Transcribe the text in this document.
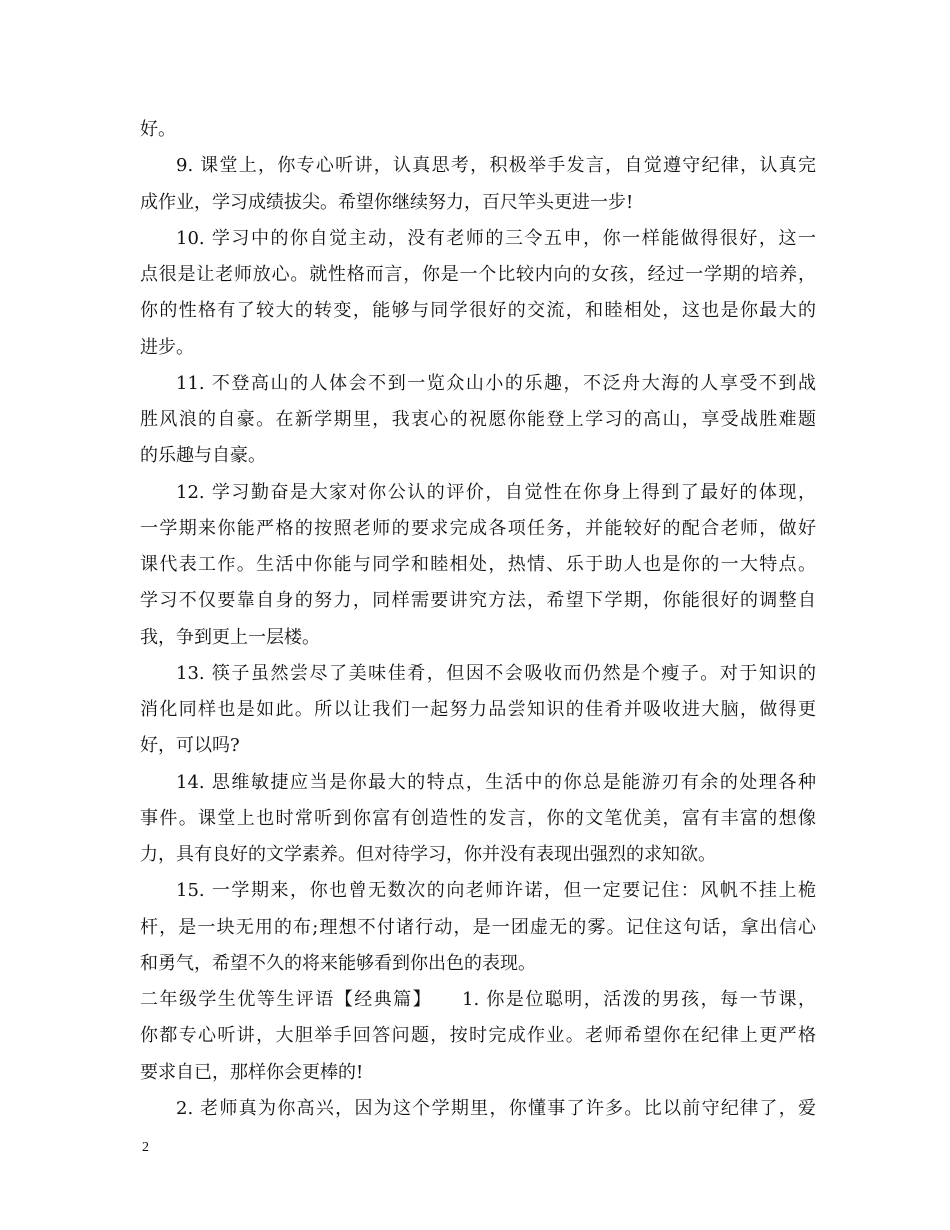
好。
9. 课堂上，你专心听讲，认真思考，积极举手发言，自觉遵守纪律，认真完
成作业，学习成绩拔尖。希望你继续努力，百尺竿头更进一步!
10. 学习中的你自觉主动，没有老师的三令五申，你一样能做得很好，这一
点很是让老师放心。就性格而言，你是一个比较内向的女孩，经过一学期的培养，
你的性格有了较大的转变，能够与同学很好的交流，和睦相处，这也是你最大的
进步。
11. 不登高山的人体会不到一览众山小的乐趣，不泛舟大海的人享受不到战
胜风浪的自豪。在新学期里，我衷心的祝愿你能登上学习的高山，享受战胜难题
的乐趣与自豪。
12. 学习勤奋是大家对你公认的评价，自觉性在你身上得到了最好的体现，
一学期来你能严格的按照老师的要求完成各项任务，并能较好的配合老师，做好
课代表工作。生活中你能与同学和睦相处，热情、乐于助人也是你的一大特点。
学习不仅要靠自身的努力，同样需要讲究方法，希望下学期，你能很好的调整自
我，争到更上一层楼。
13. 筷子虽然尝尽了美味佳肴，但因不会吸收而仍然是个瘦子。对于知识的
消化同样也是如此。所以让我们一起努力品尝知识的佳肴并吸收进大脑，做得更
好，可以吗?
14. 思维敏捷应当是你最大的特点，生活中的你总是能游刃有余的处理各种
事件。课堂上也时常听到你富有创造性的发言，你的文笔优美，富有丰富的想像
力，具有良好的文学素养。但对待学习，你并没有表现出强烈的求知欲。
15. 一学期来，你也曾无数次的向老师许诺，但一定要记住：风帆不挂上桅
杆，是一块无用的布;理想不付诸行动，是一团虚无的雾。记住这句话，拿出信心
和勇气，希望不久的将来能够看到你出色的表现。
二年级学生优等生评语【经典篇】　　1. 你是位聪明，活泼的男孩，每一节课，
你都专心听讲，大胆举手回答问题，按时完成作业。老师希望你在纪律上更严格
要求自已，那样你会更棒的!
2. 老师真为你高兴，因为这个学期里，你懂事了许多。比以前守纪律了，爱
2
